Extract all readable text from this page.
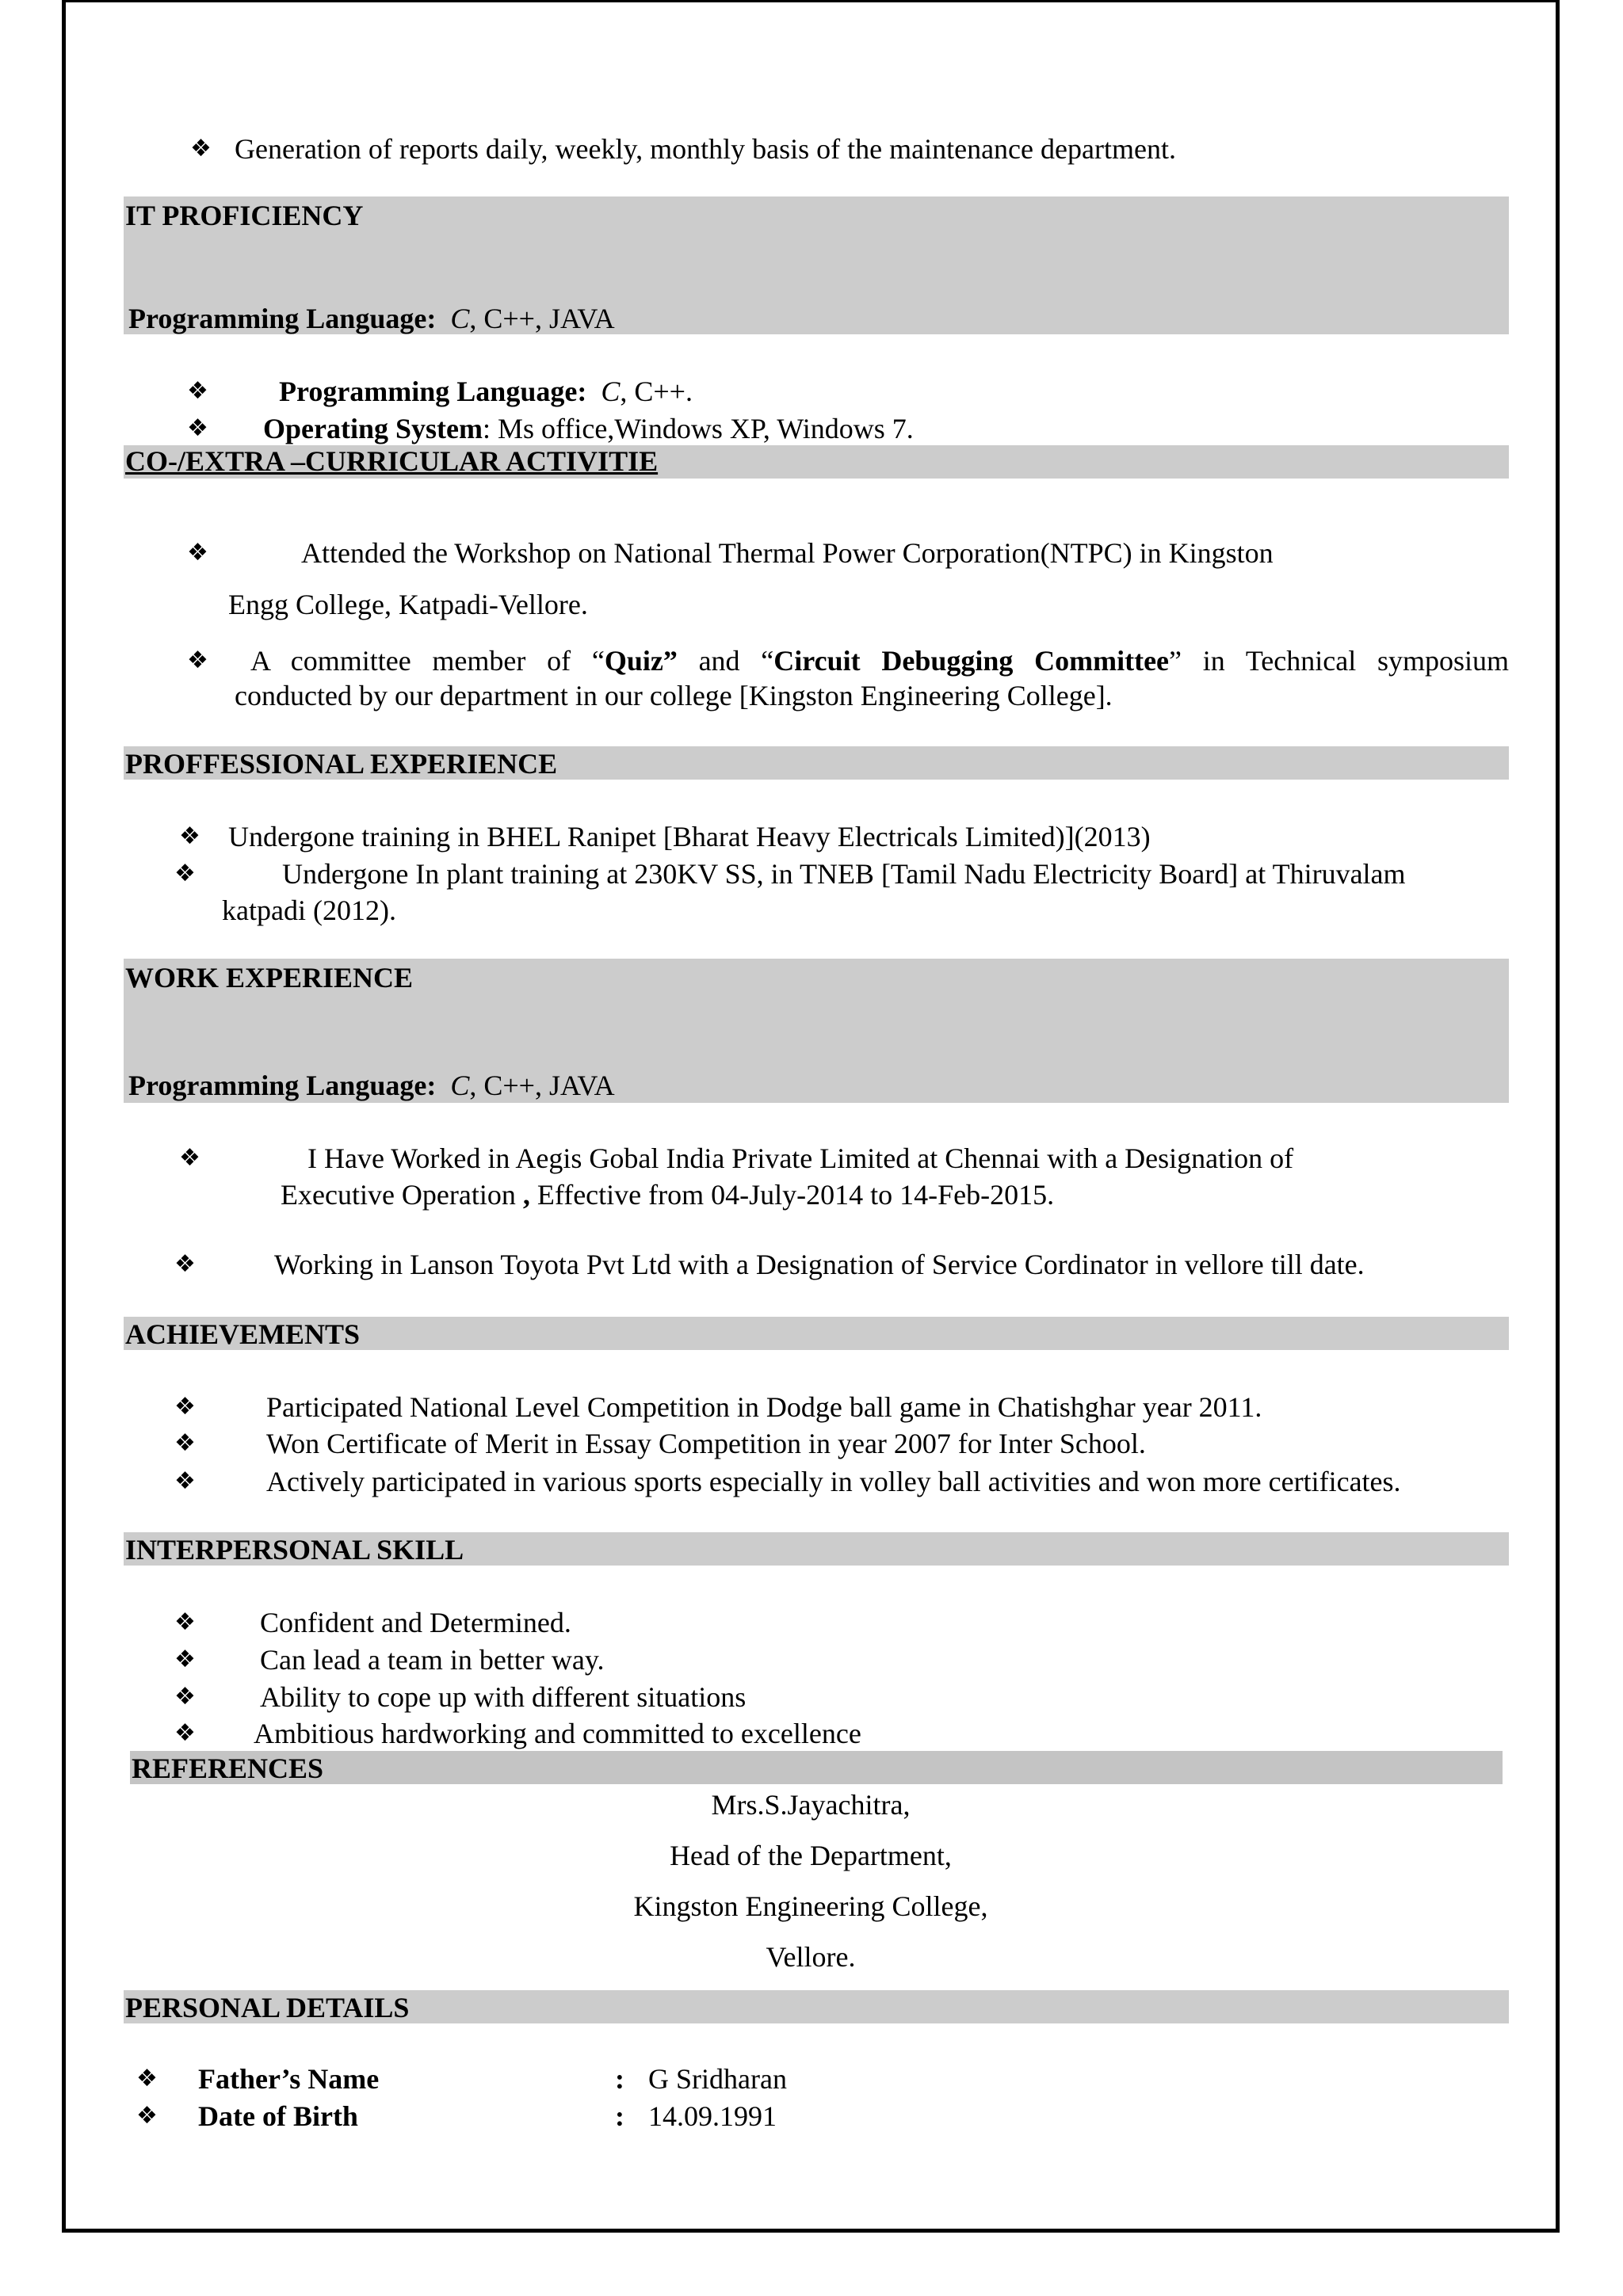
❖ Generation of reports daily, weekly, monthly basis of the maintenance department.
IT PROFICIENCY
Programming Language: C, C++, JAVA
❖ Programming Language: C, C++.
❖ Operating System: Ms office,Windows XP, Windows 7.
CO-/EXTRA –CURRICULAR ACTIVITIE
❖	Attended the Workshop on National Thermal Power Corporation(NTPC) in Kingston
Engg College, Katpadi-Vellore.
❖ A committee member of “Quiz” and “Circuit Debugging Committee” in Technical symposium
conducted by our department in our college [Kingston Engineering College].
PROFFESSIONAL EXPERIENCE
❖ Undergone training in BHEL Ranipet [Bharat Heavy Electricals Limited)](2013)
❖	Undergone In plant training at 230KV SS, in TNEB [Tamil Nadu Electricity Board] at Thiruvalam
katpadi (2012).
WORK EXPERIENCE
Programming Language: C, C++, JAVA
❖	I Have Worked in Aegis Gobal India Private Limited at Chennai with a Designation of
Executive Operation , Effective from 04-July-2014 to 14-Feb-2015.
❖	Working in Lanson Toyota Pvt Ltd with a Designation of Service Cordinator in vellore till date.
ACHIEVEMENTS
❖ Participated National Level Competition in Dodge ball game in Chatishghar year 2011.
❖ Won Certificate of Merit in Essay Competition in year 2007 for Inter School.
❖ Actively participated in various sports especially in volley ball activities and won more certificates.
INTERPERSONAL SKILL
❖ Confident and Determined.
❖ Can lead a team in better way.
❖ Ability to cope up with different situations
❖ Ambitious hardworking and committed to excellence
REFERENCES
Mrs.S.Jayachitra,
Head of the Department,
Kingston Engineering College,
Vellore.
PERSONAL DETAILS
❖ Father’s Name	: G Sridharan
❖ Date of Birth	: 14.09.1991
